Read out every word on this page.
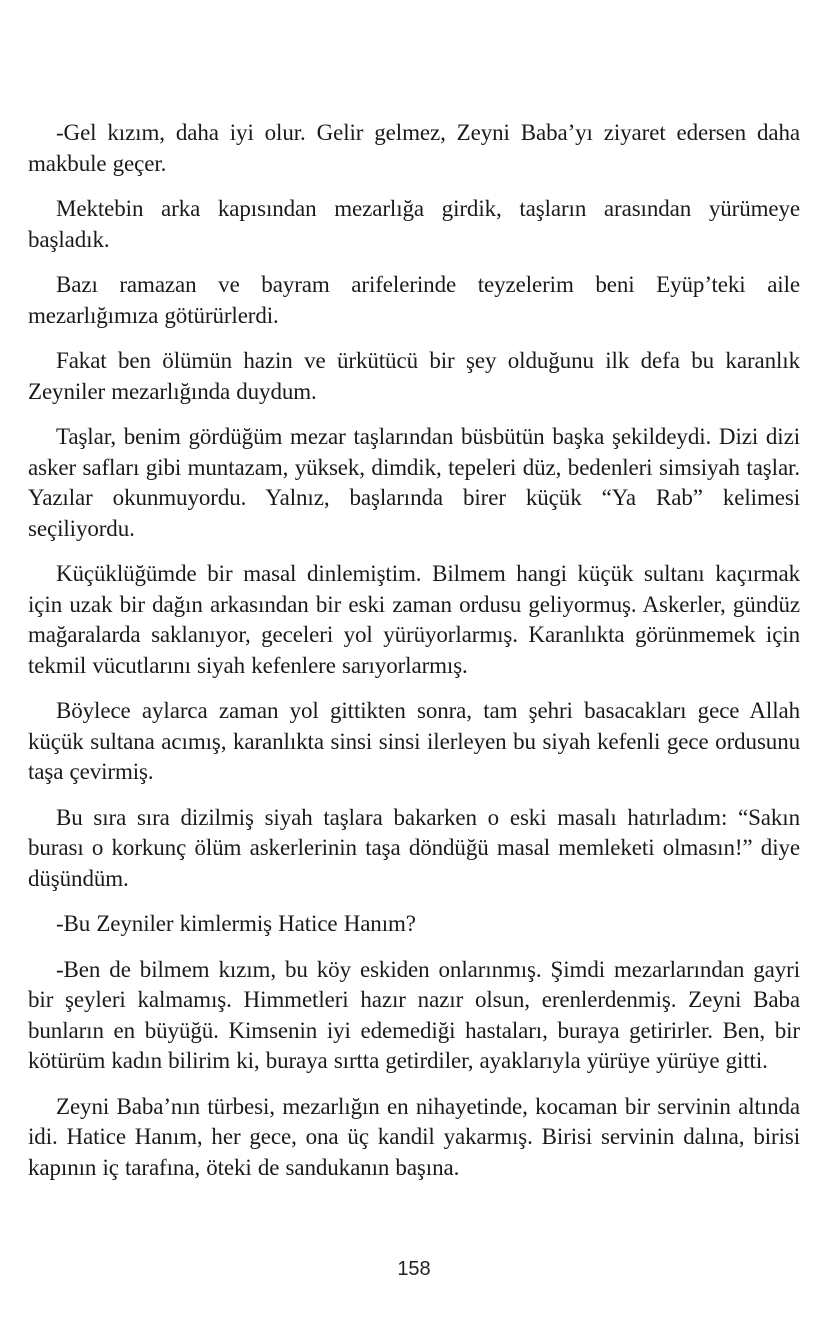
-Gel kızım, daha iyi olur. Gelir gelmez, Zeyni Baba’yı ziyaret edersen daha makbule geçer.

Mektebin arka kapısından mezarlığa girdik, taşların arasından yürümeye başladık.

Bazı ramazan ve bayram arifelerinde teyzelerim beni Eyüp’teki aile mezarlığımıza götürürlerdi.

Fakat ben ölümün hazin ve ürkütücü bir şey olduğunu ilk defa bu karanlık Zeyniler mezarlığında duydum.

Taşlar, benim gördüğüm mezar taşlarından büsbütün başka şekildeydi. Dizi dizi asker safları gibi muntazam, yüksek, dimdik, tepeleri düz, bedenleri simsiyah taşlar. Yazılar okunmuyordu. Yalnız, başlarında birer küçük “Ya Rab” kelimesi seçiliyordu.

Küçüklüğümde bir masal dinlemiştim. Bilmem hangi küçük sultanı kaçırmak için uzak bir dağın arkasından bir eski zaman ordusu geliyormuş. Askerler, gündüz mağaralarda saklanıyor, geceleri yol yürüyorlarmış. Karanlıkta görünmemek için tekmil vücutlarını siyah kefenlere sarıyorlarmış.

Böylece aylarca zaman yol gittikten sonra, tam şehri basacakları gece Allah küçük sultana acımış, karanlıkta sinsi sinsi ilerleyen bu siyah kefenli gece ordusunu taşa çevirmiş.

Bu sıra sıra dizilmiş siyah taşlara bakarken o eski masalı hatırladım: “Sakın burası o korkunç ölüm askerlerinin taşa döndüğü masal memleketi olmasın!” diye düşündüm.

-Bu Zeyniler kimlermiş Hatice Hanım?

-Ben de bilmem kızım, bu köy eskiden onlarınmış. Şimdi mezarlarından gayri bir şeyleri kalmamış. Himmetleri hazır nazır olsun, erenlerdenmiş. Zeyni Baba bunların en büyüğü. Kimsenin iyi edemediği hastaları, buraya getirirler. Ben, bir kötürüm kadın bilirim ki, buraya sırtta getirdiler, ayaklarıyla yürüye yürüye gitti.

Zeyni Baba’nın türbesi, mezarlığın en nihayetinde, kocaman bir servinin altında idi. Hatice Hanım, her gece, ona üç kandil yakarmış. Birisi servinin dalına, birisi kapının iç tarafına, öteki de sandukanın başına.

158
